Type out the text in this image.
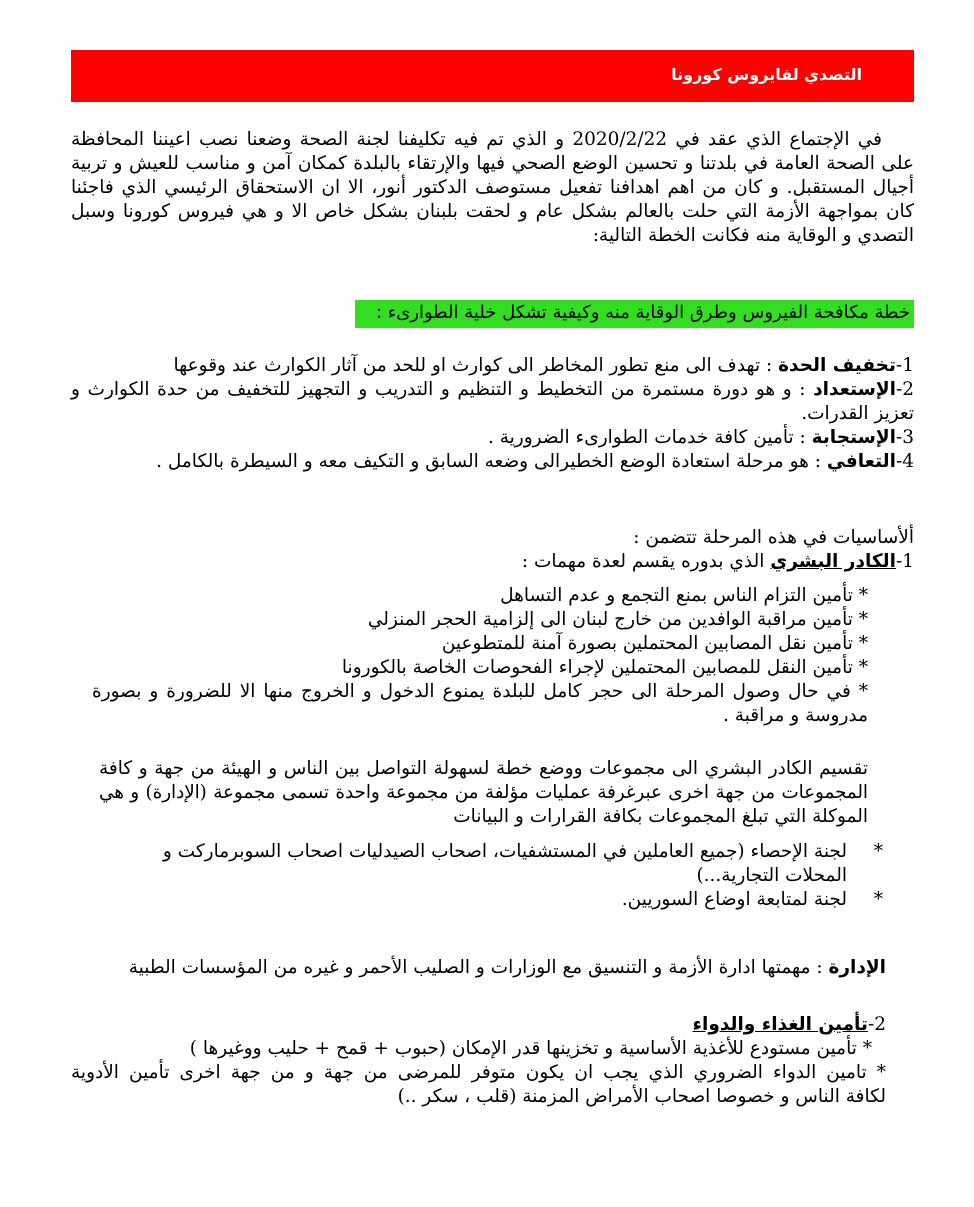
التصدي لفايروس كورونا
في الإجتماع الذي عقد في 2020/2/22 و الذي تم فيه تكليفنا لجنة الصحة وضعنا نصب اعيننا المحافظة
على الصحة العامة في بلدتنا و تحسين الوضع الصحي فيها والإرتقاء بالبلدة كمكان آمن و مناسب للعيش و تربية
أجيال المستقبل. و كان من اهم اهدافنا تفعيل مستوصف الدكتور أنور، الا ان الاستحقاق الرئيسي الذي فاجئنا
كان بمواجهة الأزمة التي حلت بالعالم بشكل عام و لحقت بلبنان بشكل خاص الا و هي فيروس كورونا وسبل
التصدي و الوقاية منه فكانت الخطة التالية:
خطة مكافحة الفيروس وطرق الوقاية منه وكيفية تشكل خلية الطوارىء :
1-تخفيف الحدة : تهدف الى منع تطور المخاطر الى كوارث او للحد من آثار الكوارث عند وقوعها
2-الإستعداد : و هو دورة مستمرة من التخطيط و التنظيم و التدريب و التجهيز للتخفيف من حدة الكوارث و
تعزيز القدرات.
3-الإستجابة : تأمين كافة خدمات الطوارىء الضرورية .
4-التعافي : هو مرحلة استعادة الوضع الخطيرالى وضعه السابق و التكيف معه و السيطرة بالكامل .
ألأساسيات في هذه المرحلة تتضمن :
1-الكادر البشري الذي بدوره يقسم لعدة مهمات :
* تأمين التزام الناس بمنع التجمع و عدم التساهل
* تأمين مراقبة الوافدين من خارج لبنان الى إلزامية الحجر المنزلي
* تأمين نقل المصابين المحتملين بصورة آمنة للمتطوعين
* تأمين النقل للمصابين المحتملين لإجراء الفحوصات الخاصة بالكورونا
* في حال وصول المرحلة الى حجر كامل للبلدة يمنوع الدخول و الخروج منها الا للضرورة و بصورة
مدروسة و مراقبة .
تقسيم الكادر البشري الى مجموعات ووضع خطة لسهولة التواصل بين الناس و الهيئة من جهة و كافة
المجموعات من جهة اخرى عبرغرفة عمليات مؤلفة من مجموعة واحدة تسمى مجموعة (الإدارة) و هي
الموكلة التي تبلغ المجموعات بكافة القرارات و البيانات
*لجنة الإحصاء (جميع العاملين في المستشفيات، اصحاب الصيدليات اصحاب السوبرماركت و
المحلات التجارية...)
*لجنة لمتابعة اوضاع السوريين.
الإدارة : مهمتها ادارة الأزمة و التنسيق مع الوزارات و الصليب الأحمر و غيره من المؤسسات الطبية
2-تأمين الغذاء والدواء
* تأمين مستودع للأغذية الأساسية و تخزينها قدر الإمكان (حبوب + قمح + حليب ووغيرها )
* تامين الدواء الضروري الذي يجب ان يكون متوفر للمرضى من جهة و من جهة اخرى تأمين الأدوية
لكافة الناس و خصوصا اصحاب الأمراض المزمنة (قلب ، سكر ..)
